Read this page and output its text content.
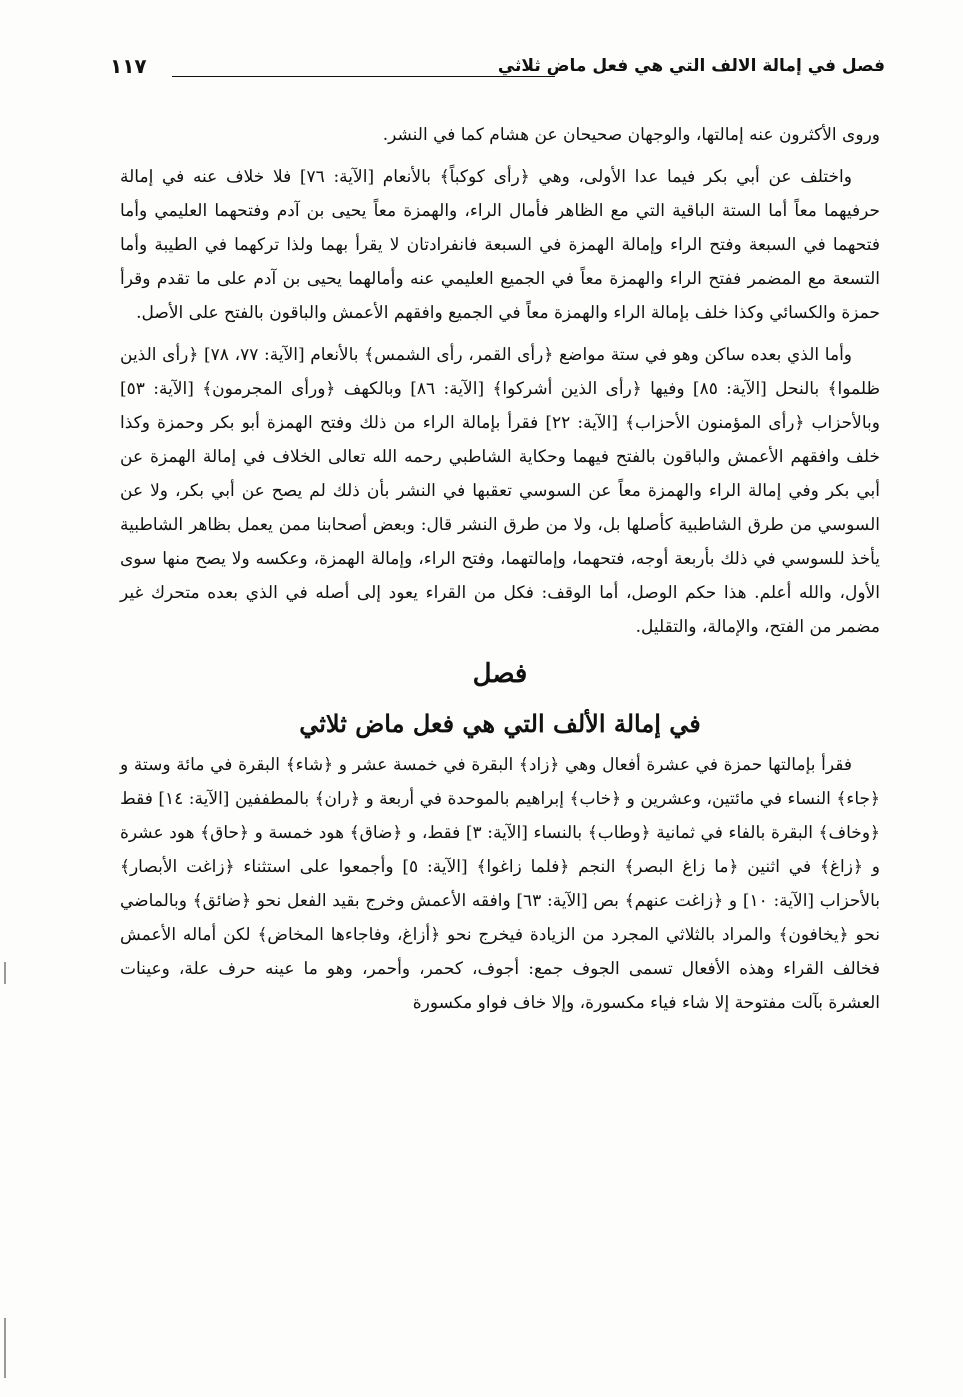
فصل في إمالة الالف التي هي فعل ماض ثلاثي
١١٧

وروى الأكثرون عنه إمالتها، والوجهان صحيحان عن هشام كما في النشر.

واختلف عن أبي بكر فيما عدا الأولى، وهي ﴿رأى كوكباً﴾ بالأنعام [الآية: ٧٦] فلا خلاف عنه في إمالة حرفيهما معاً أما الستة الباقية التي مع الظاهر فأمال الراء، والهمزة معاً يحيى بن آدم وفتحهما العليمي وأما فتحهما في السبعة وفتح الراء وإمالة الهمزة في السبعة فانفرادتان لا يقرأ بهما ولذا تركهما في الطيبة وأما التسعة مع المضمر ففتح الراء والهمزة معاً في الجميع العليمي عنه وأمالهما يحيى بن آدم على ما تقدم وقرأ حمزة والكسائي وكذا خلف بإمالة الراء والهمزة معاً في الجميع وافقهم الأعمش والباقون بالفتح على الأصل.

وأما الذي بعده ساكن وهو في ستة مواضع ﴿رأى القمر، رأى الشمس﴾ بالأنعام [الآية: ٧٧، ٧٨] ﴿رأى الذين ظلموا﴾ بالنحل [الآية: ٨٥] وفيها ﴿رأى الذين أشركوا﴾ [الآية: ٨٦] وبالكهف ﴿ورأى المجرمون﴾ [الآية: ٥٣] وبالأحزاب ﴿رأى المؤمنون الأحزاب﴾ [الآية: ٢٢] فقرأ بإمالة الراء من ذلك وفتح الهمزة أبو بكر وحمزة وكذا خلف وافقهم الأعمش والباقون بالفتح فيهما وحكاية الشاطبي رحمه الله تعالى الخلاف في إمالة الهمزة عن أبي بكر وفي إمالة الراء والهمزة معاً عن السوسي تعقبها في النشر بأن ذلك لم يصح عن أبي بكر، ولا عن السوسي من طرق الشاطبية كأصلها بل، ولا من طرق النشر قال: وبعض أصحابنا ممن يعمل بظاهر الشاطبية يأخذ للسوسي في ذلك بأربعة أوجه، فتحهما، وإمالتهما، وفتح الراء، وإمالة الهمزة، وعكسه ولا يصح منها سوى الأول، والله أعلم. هذا حكم الوصل، أما الوقف: فكل من القراء يعود إلى أصله في الذي بعده متحرك غير مضمر من الفتح، والإمالة، والتقليل.

فصل
في إمالة الألف التي هي فعل ماض ثلاثي

فقرأ بإمالتها حمزة في عشرة أفعال وهي ﴿زاد﴾ البقرة في خمسة عشر و ﴿شاء﴾ البقرة في مائة وستة و ﴿جاء﴾ النساء في مائتين، وعشرين و ﴿خاب﴾ إبراهيم بالموحدة في أربعة و ﴿ران﴾ بالمطففين [الآية: ١٤] فقط ﴿وخاف﴾ البقرة بالفاء في ثمانية ﴿وطاب﴾ بالنساء [الآية: ٣] فقط، و ﴿ضاق﴾ هود خمسة و ﴿حاق﴾ هود عشرة و ﴿زاغ﴾ في اثنين ﴿ما زاغ البصر﴾ النجم ﴿فلما زاغوا﴾ [الآية: ٥] وأجمعوا على استثناء ﴿زاغت الأبصار﴾ بالأحزاب [الآية: ١٠] و ﴿زاغت عنهم﴾ بص [الآية: ٦٣] وافقه الأعمش وخرج بقيد الفعل نحو ﴿ضائق﴾ وبالماضي نحو ﴿يخافون﴾ والمراد بالثلاثي المجرد من الزيادة فيخرج نحو ﴿أزاغ، وفاجاءها المخاض﴾ لكن أماله الأعمش فخالف القراء وهذه الأفعال تسمى الجوف جمع: أجوف، كحمر، وأحمر، وهو ما عينه حرف علة، وعينات العشرة بآلت مفتوحة إلا شاء فياء مكسورة، وإلا خاف فواو مكسورة
